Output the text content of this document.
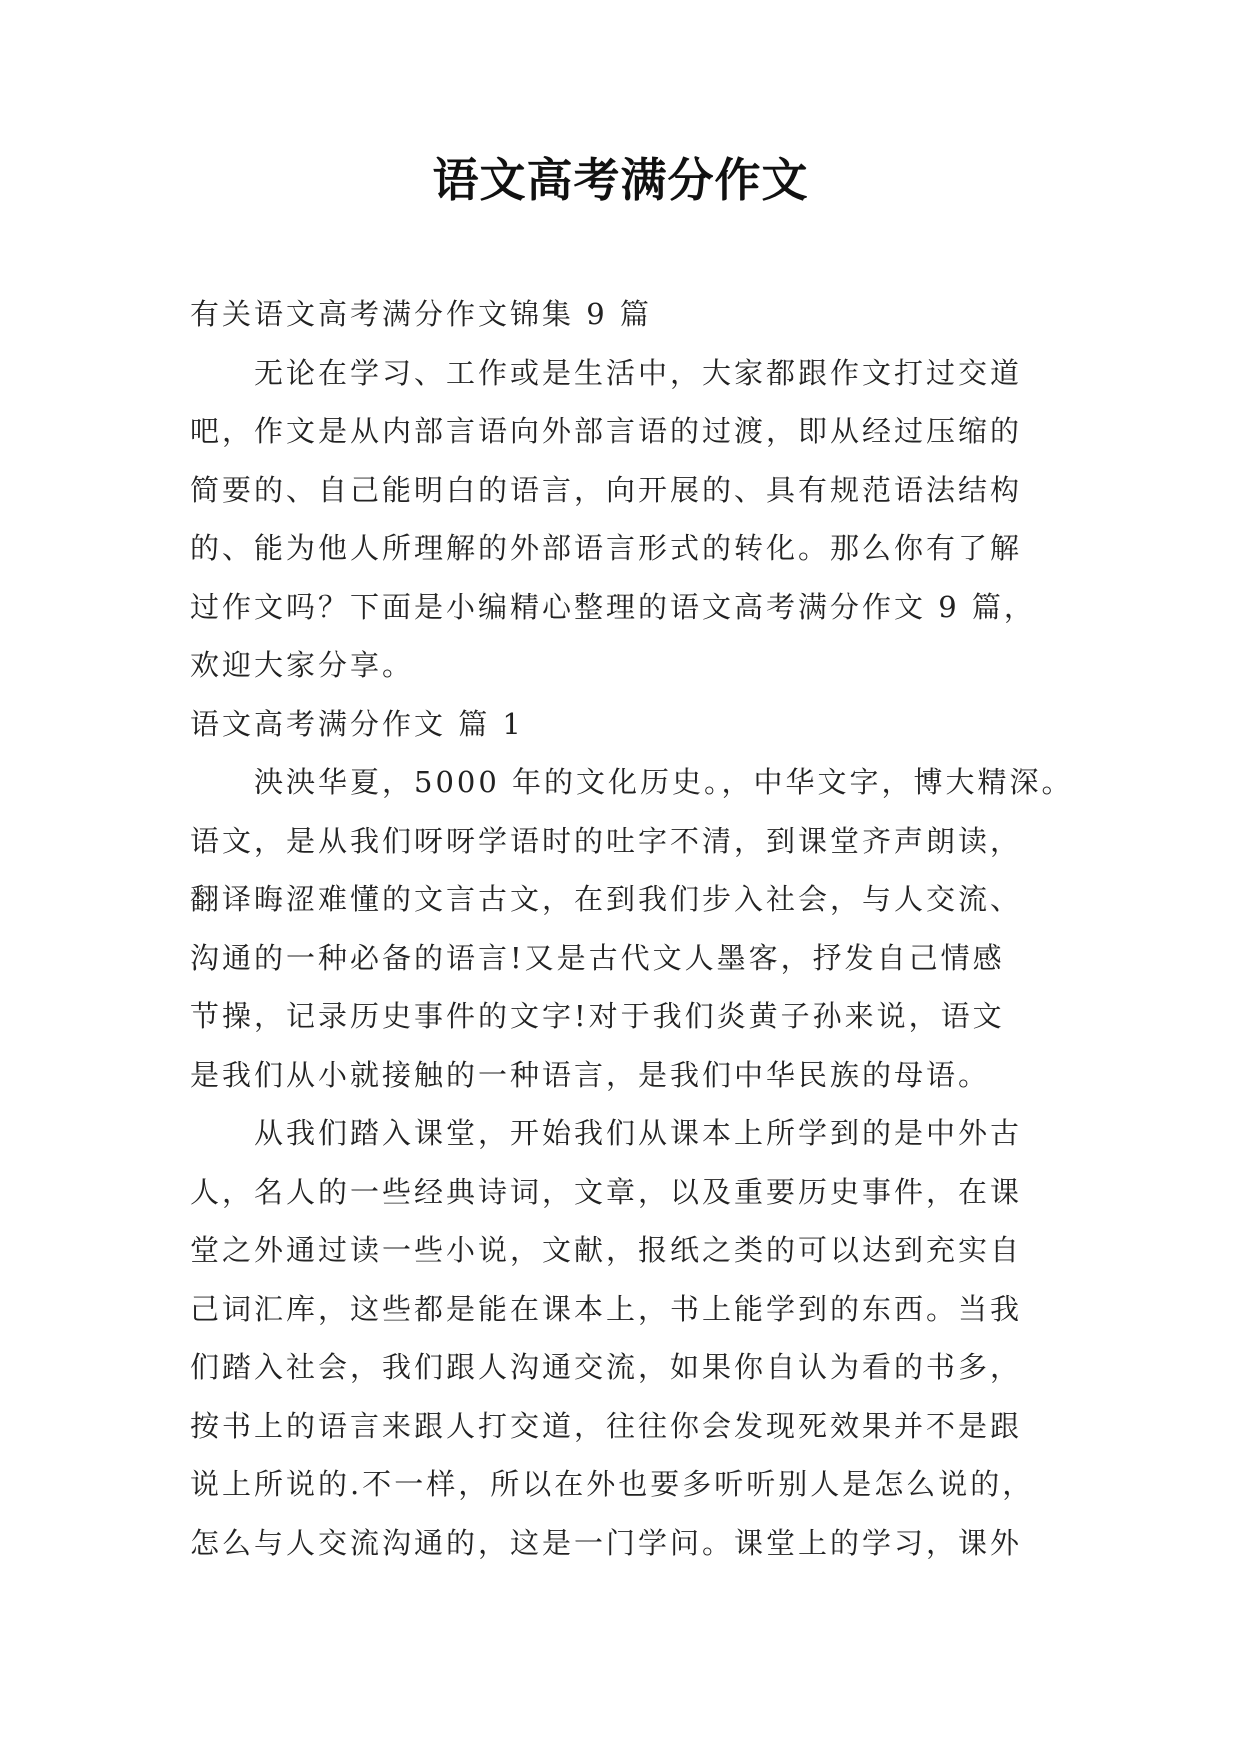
语文高考满分作文
有关语文高考满分作文锦集 9 篇
无论在学习、工作或是生活中，大家都跟作文打过交道
吧，作文是从内部言语向外部言语的过渡，即从经过压缩的
简要的、自己能明白的语言，向开展的、具有规范语法结构
的、能为他人所理解的外部语言形式的转化。那么你有了解
过作文吗？下面是小编精心整理的语文高考满分作文 9 篇，
欢迎大家分享。
语文高考满分作文 篇 1
泱泱华夏，5000 年的文化历史。，中华文字，博大精深。
语文，是从我们呀呀学语时的吐字不清，到课堂齐声朗读，
翻译晦涩难懂的文言古文，在到我们步入社会，与人交流、
沟通的一种必备的语言!又是古代文人墨客，抒发自己情感
节操，记录历史事件的文字!对于我们炎黄子孙来说，语文
是我们从小就接触的一种语言，是我们中华民族的母语。
从我们踏入课堂，开始我们从课本上所学到的是中外古
人，名人的一些经典诗词，文章，以及重要历史事件，在课
堂之外通过读一些小说，文献，报纸之类的可以达到充实自
己词汇库，这些都是能在课本上，书上能学到的东西。当我
们踏入社会，我们跟人沟通交流，如果你自认为看的书多，
按书上的语言来跟人打交道，往往你会发现死效果并不是跟
说上所说的.不一样，所以在外也要多听听别人是怎么说的，
怎么与人交流沟通的，这是一门学问。课堂上的学习，课外
